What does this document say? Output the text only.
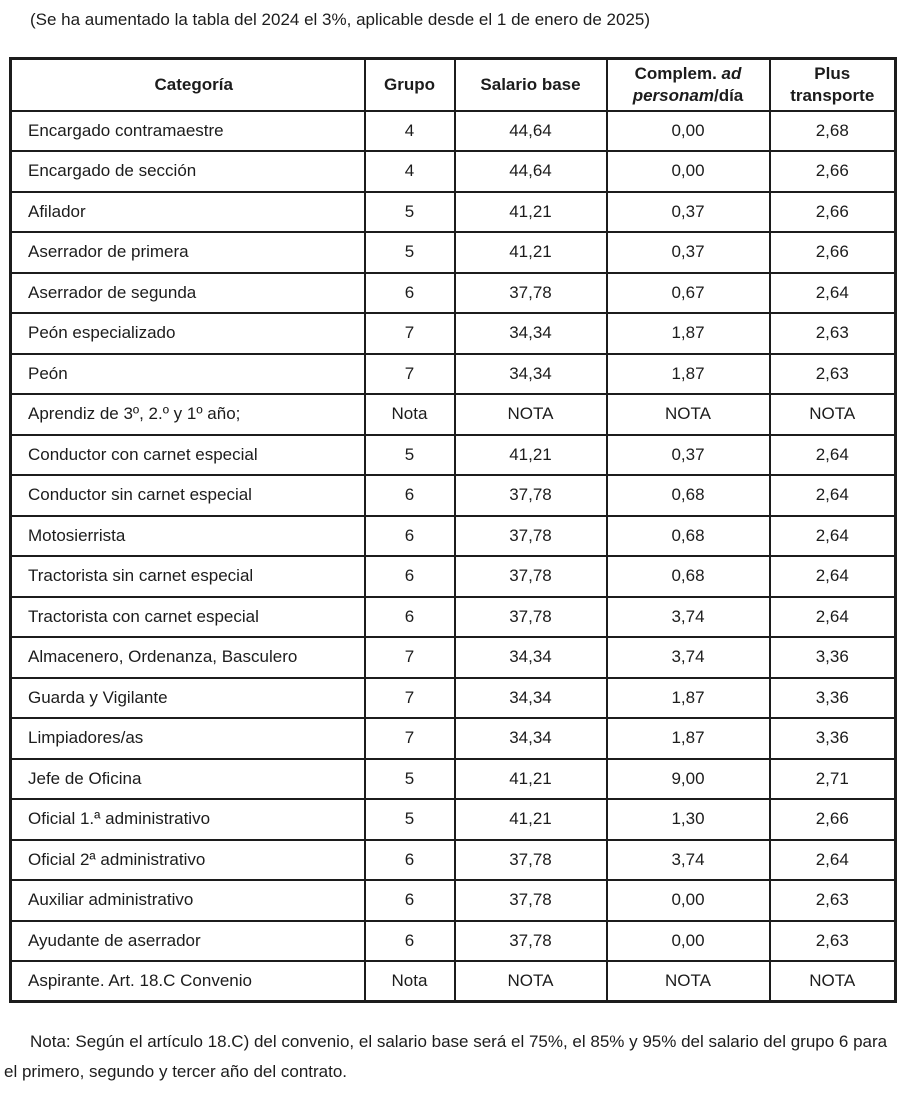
(Se ha aumentado la tabla del 2024 el 3%, aplicable desde el 1 de enero de 2025)
Categoría	Grupo	Salario base	Complem. ad personam/día	Plus transporte
Encargado contramaestre	4	44,64	0,00	2,68
Encargado de sección	4	44,64	0,00	2,66
Afilador	5	41,21	0,37	2,66
Aserrador de primera	5	41,21	0,37	2,66
Aserrador de segunda	6	37,78	0,67	2,64
Peón especializado	7	34,34	1,87	2,63
Peón	7	34,34	1,87	2,63
Aprendiz de 3º, 2.º y 1º año;	Nota	NOTA	NOTA	NOTA
Conductor con carnet especial	5	41,21	0,37	2,64
Conductor sin carnet especial	6	37,78	0,68	2,64
Motosierrista	6	37,78	0,68	2,64
Tractorista sin carnet especial	6	37,78	0,68	2,64
Tractorista con carnet especial	6	37,78	3,74	2,64
Almacenero, Ordenanza, Basculero	7	34,34	3,74	3,36
Guarda y Vigilante	7	34,34	1,87	3,36
Limpiadores/as	7	34,34	1,87	3,36
Jefe de Oficina	5	41,21	9,00	2,71
Oficial 1.ª administrativo	5	41,21	1,30	2,66
Oficial 2ª administrativo	6	37,78	3,74	2,64
Auxiliar administrativo	6	37,78	0,00	2,63
Ayudante de aserrador	6	37,78	0,00	2,63
Aspirante. Art. 18.C Convenio	Nota	NOTA	NOTA	NOTA

Nota: Según el artículo 18.C) del convenio, el salario base será el 75%, el 85% y 95% del salario del grupo 6 para el primero, segundo y tercer año del contrato.
